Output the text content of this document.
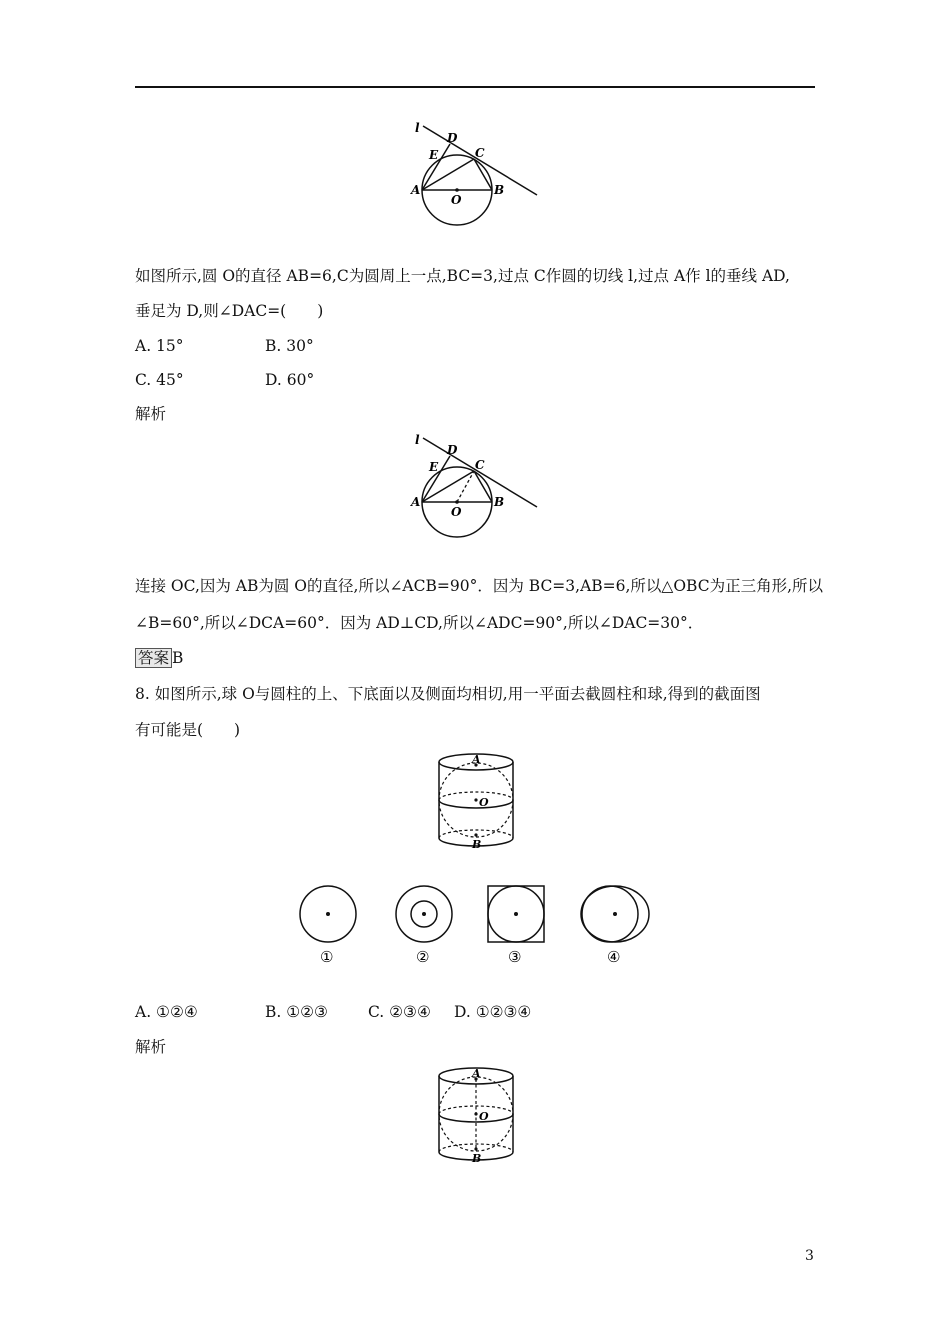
l
D
E	C
A
O
B
如图所示,圆 O的直径 AB=6,C为圆周上一点,BC=3,过点 C作圆的切线 l,过点 A作 l的垂线 AD,
垂足为 D,则∠DAC=(　　)
A. 15°	B. 30°
C. 45°	D. 60°
解析
l
D
E	C
A
O
B
连接 OC,因为 AB为圆 O的直径,所以∠ACB=90°．因为 BC=3,AB=6,所以△OBC为正三角形,所以
∠B=60°,所以∠DCA=60°．因为 AD⊥CD,所以∠ADC=90°,所以∠DAC=30°．
答案 B
8. 如图所示,球 O与圆柱的上、下底面以及侧面均相切,用一平面去截圆柱和球,得到的截面图
有可能是(　　)
A
O
B
①	②	③	④
A. ①②④	B. ①②③	C. ②③④ D. ①②③④
解析
A
O
B
3
